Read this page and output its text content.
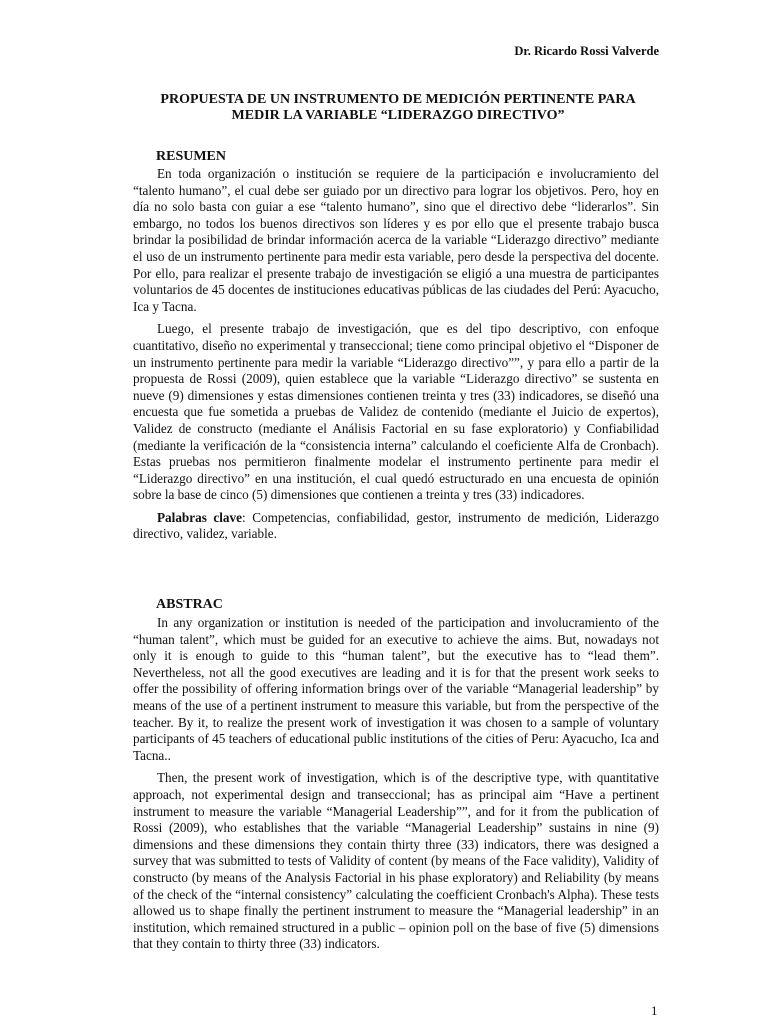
Dr. Ricardo Rossi Valverde
PROPUESTA DE UN INSTRUMENTO DE MEDICIÓN PERTINENTE PARA MEDIR LA VARIABLE “LIDERAZGO DIRECTIVO”
RESUMEN

En toda organización o institución se requiere de la participación e involucramiento del “talento humano”, el cual debe ser guiado por un directivo para lograr los objetivos. Pero, hoy en día no solo basta con guiar a ese “talento humano”, sino que el directivo debe “liderarlos”. Sin embargo, no todos los buenos directivos son líderes y es por ello que el presente trabajo busca brindar la posibilidad de brindar información acerca de la variable “Liderazgo directivo” mediante el uso de un instrumento pertinente para medir esta variable, pero desde la perspectiva del docente. Por ello, para realizar el presente trabajo de investigación se eligió a una muestra de participantes voluntarios de 45 docentes de instituciones educativas públicas de las ciudades del Perú: Ayacucho, Ica y Tacna.

Luego, el presente trabajo de investigación, que es del tipo descriptivo, con enfoque cuantitativo, diseño no experimental y transeccional; tiene como principal objetivo el “Disponer de un instrumento pertinente para medir la variable “Liderazgo directivo””, y para ello a partir de la propuesta de Rossi (2009), quien establece que la variable “Liderazgo directivo” se sustenta en nueve (9) dimensiones y estas dimensiones contienen treinta y tres (33) indicadores, se diseñó una encuesta que fue sometida a pruebas de Validez de contenido (mediante el Juicio de expertos), Validez de constructo (mediante el Análisis Factorial en su fase exploratorio) y Confiabilidad (mediante la verificación de la “consistencia interna” calculando el coeficiente Alfa de Cronbach). Estas pruebas nos permitieron finalmente modelar el instrumento pertinente para medir el “Liderazgo directivo” en una institución, el cual quedó estructurado en una encuesta de opinión sobre la base de cinco (5) dimensiones que contienen a treinta y tres (33) indicadores.

Palabras clave: Competencias, confiabilidad, gestor, instrumento de medición, Liderazgo directivo, validez, variable.

ABSTRAC

In any organization or institution is needed of the participation and involucramiento of the “human talent”, which must be guided for an executive to achieve the aims. But, nowadays not only it is enough to guide to this “human talent”, but the executive has to “lead them”. Nevertheless, not all the good executives are leading and it is for that the present work seeks to offer the possibility of offering information brings over of the variable “Managerial leadership” by means of the use of a pertinent instrument to measure this variable, but from the perspective of the teacher. By it, to realize the present work of investigation it was chosen to a sample of voluntary participants of 45 teachers of educational public institutions of the cities of Peru: Ayacucho, Ica and Tacna..

Then, the present work of investigation, which is of the descriptive type, with quantitative approach, not experimental design and transeccional; has as principal aim “Have a pertinent instrument to measure the variable “Managerial Leadership””, and for it from the publication of Rossi (2009), who establishes that the variable “Managerial Leadership” sustains in nine (9) dimensions and these dimensions they contain thirty three (33) indicators, there was designed a survey that was submitted to tests of Validity of content (by means of the Face validity), Validity of constructo (by means of the Analysis Factorial in his phase exploratory) and Reliability (by means of the check of the “internal consistency” calculating the coefficient Cronbach's Alpha). These tests allowed us to shape finally the pertinent instrument to measure the “Managerial leadership” in an institution, which remained structured in a public – opinion poll on the base of five (5) dimensions that they contain to thirty three (33) indicators.

1
